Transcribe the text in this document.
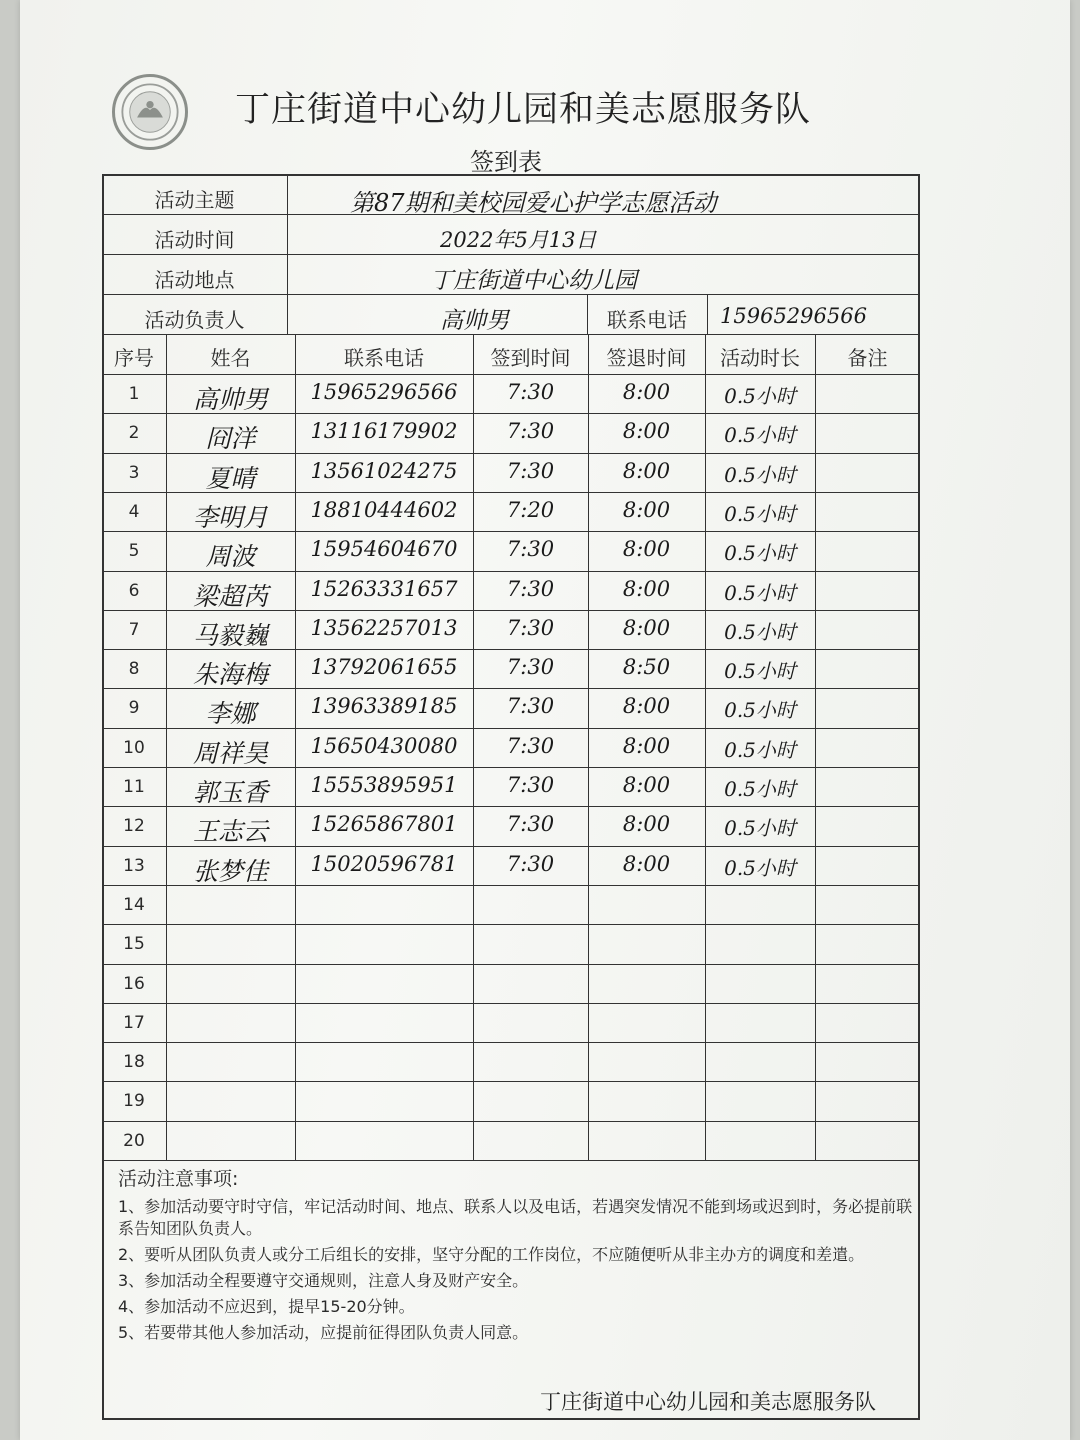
丁庄街道中心幼儿园和美志愿服务队
签到表
活动主题	第87期和美校园爱心护学志愿活动
活动时间	2022年5月13日
活动地点	丁庄街道中心幼儿园
活动负责人	高帅男	联系电话	15965296566
序号	姓名	联系电话	签到时间	签退时间	活动时长	备注
1	高帅男	15965296566	7:30	8:00	0.5小时
2	冏洋	13116179902	7:30	8:00	0.5小时
3	夏晴	13561024275	7:30	8:00	0.5小时
4	李明月	18810444602	7:20	8:00	0.5小时
5	周波	15954604670	7:30	8:00	0.5小时
6	梁超芮	15263331657	7:30	8:00	0.5小时
7	马毅巍	13562257013	7:30	8:00	0.5小时
8	朱海梅	13792061655	7:30	8:50	0.5小时
9	李娜	13963389185	7:30	8:00	0.5小时
10	周祥昊	15650430080	7:30	8:00	0.5小时
11	郭玉香	15553895951	7:30	8:00	0.5小时
12	王志云	15265867801	7:30	8:00	0.5小时
13	张梦佳	15020596781	7:30	8:00	0.5小时
14
15
16
17
18
19
20
活动注意事项:

1、参加活动要守时守信，牢记活动时间、地点、联系人以及电话，若遇突发情况不能到场或迟到时，务必提前联系告知团队负责人。

2、要听从团队负责人或分工后组长的安排，坚守分配的工作岗位，不应随便听从非主办方的调度和差遣。

3、参加活动全程要遵守交通规则，注意人身及财产安全。

4、参加活动不应迟到，提早15-20分钟。

5、若要带其他人参加活动，应提前征得团队负责人同意。

丁庄街道中心幼儿园和美志愿服务队
